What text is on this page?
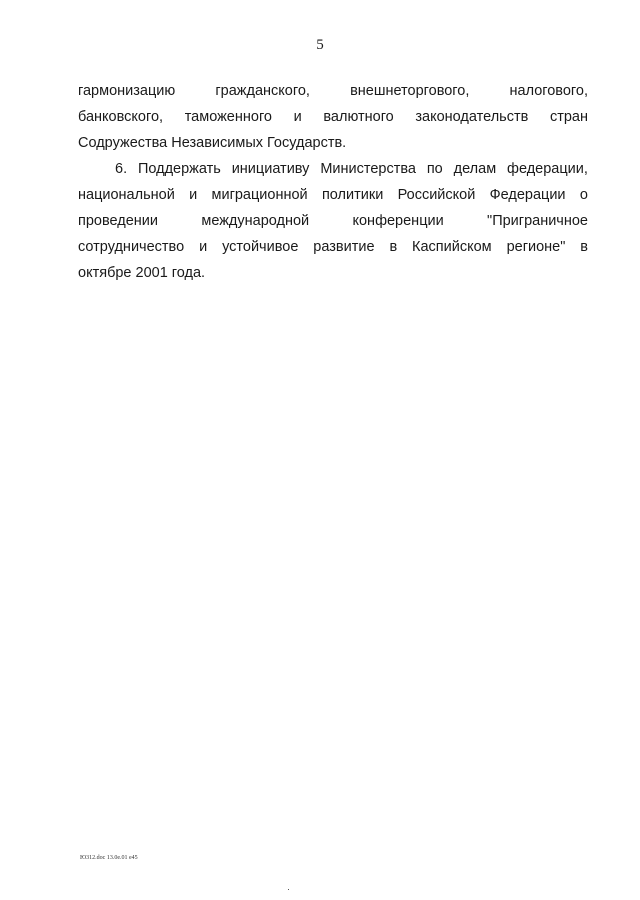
5
гармонизацию	гражданского,	внешнеторгового,	налогового,
банковского, таможенного и валютного законодательств стран
Содружества Независимых Государств.
6. Поддержать инициативу Министерства по делам федерации,
национальной и миграционной политики Российской Федерации о
проведении	международной	конференции	"Приграничное
сотрудничество и устойчивое развитие в Каспийском регионе" в
октябре 2001 года.
Ю312.doc 13.0e.01 e45
